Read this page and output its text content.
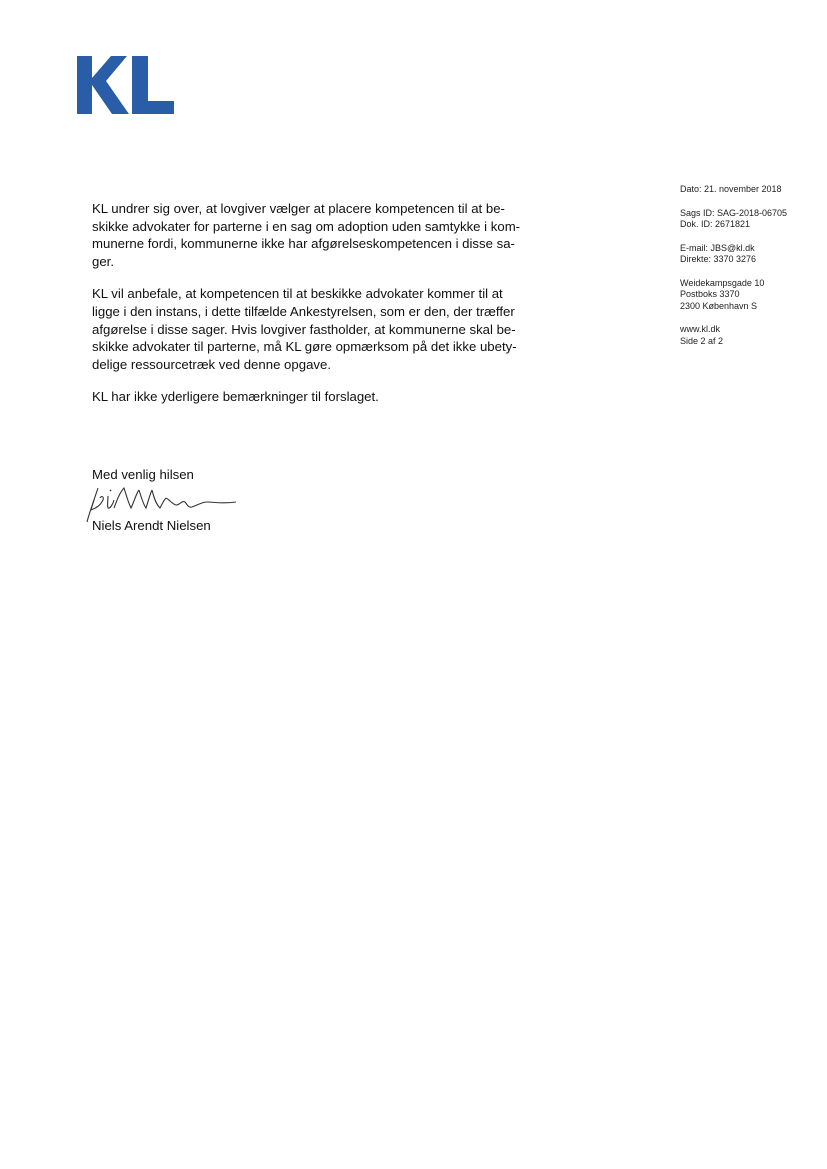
Dato: 21. november 2018
Sags ID: SAG-2018-06705
Dok. ID: 2671821
E-mail: JBS@kl.dk
Direkte: 3370 3276
Weidekampsgade 10
Postboks 3370
2300 København S
www.kl.dk
Side 2 af 2
KL undrer sig over, at lovgiver vælger at placere kompetencen til at be-
skikke advokater for parterne i en sag om adoption uden samtykke i kom-
munerne fordi, kommunerne ikke har afgørelseskompetencen i disse sa-
ger.
KL vil anbefale, at kompetencen til at beskikke advokater kommer til at
ligge i den instans, i dette tilfælde Ankestyrelsen, som er den, der træffer
afgørelse i disse sager. Hvis lovgiver fastholder, at kommunerne skal be-
skikke advokater til parterne, må KL gøre opmærksom på det ikke ubety-
delige ressourcetræk ved denne opgave.
KL har ikke yderligere bemærkninger til forslaget.
Med venlig hilsen
Niels Arendt Nielsen
